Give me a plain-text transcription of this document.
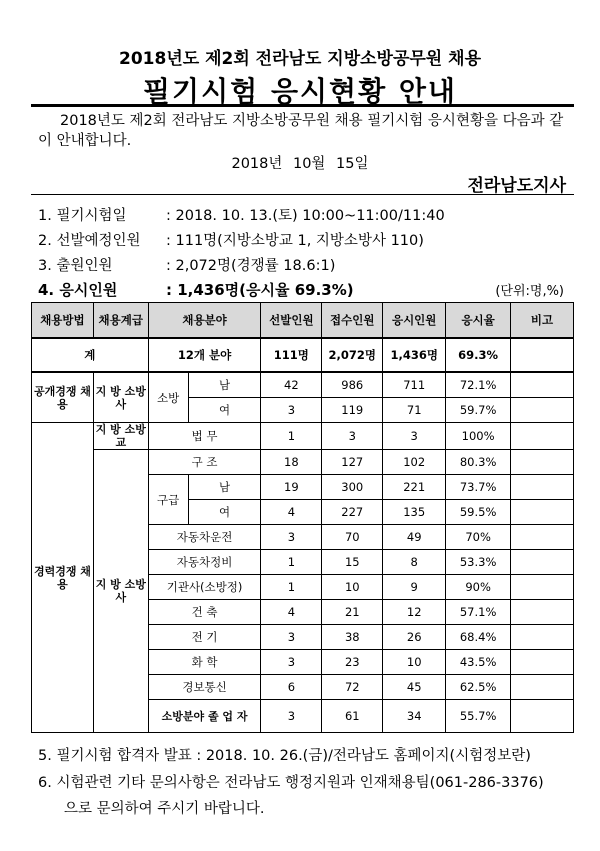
2018년도 제2회 전라남도 지방소방공무원 채용
필기시험 응시현황 안내
2018년도 제2회 전라남도 지방소방공무원 채용 필기시험 응시현황을 다음과 같이 안내합니다.
2018년 10월 15일
전라남도지사
1. 필기시험일	: 2018. 10. 13.(토) 10:00~11:00/11:40
2. 선발예정인원 : 111명(지방소방교 1, 지방소방사 110)
3. 출원인원	: 2,072명(경쟁률 18.6:1)
4. 응시인원	: 1,436명(응시율 69.3%)	(단위:명,%)
채용방법	채용계급	채용분야		선발인원	접수인원	응시인원	응시율	비고
계		12개 분야		111명	2,072명	1,436명	69.3%	
공개경쟁 채 용	지 방 소방사	소방	남	42	986	711	72.1%	
			여	3	119	71	59.7%	
경력경쟁 채 용	지 방 소방교	법 무		1	3	3	100%	
	지 방 소방사	구 조		18	127	102	80.3%	
		구급	남	19	300	221	73.7%	
			여	4	227	135	59.5%	
		자동차운전		3	70	49	70%	
		자동차정비		1	15	8	53.3%	
		기관사(소방정)		1	10	9	90%	
		건 축		4	21	12	57.1%	
		전 기		3	38	26	68.4%	
		화 학		3	23	10	43.5%	
		경보통신		6	72	45	62.5%	
		소방분야 졸 업 자		3	61	34	55.7%	
5. 필기시험 합격자 발표 : 2018. 10. 26.(금)/전라남도 홈페이지(시험정보란)
6. 시험관련 기타 문의사항은 전라남도 행정지원과 인재채용팀(061-286-3376)
으로 문의하여 주시기 바랍니다.
